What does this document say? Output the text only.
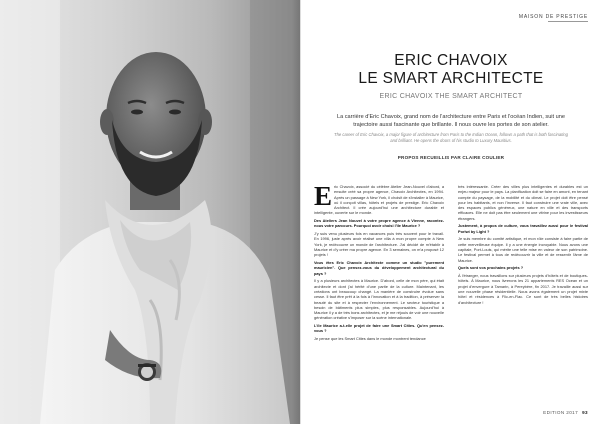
MAISON DE PRESTIGE
ERIC CHAVOIX
LE SMART ARCHITECTE
ERIC CHAVOIX THE SMART ARCHITECT

La carrière d'Eric Chavoix, grand nom de l'architecture entre Paris et l'océan Indien, suit une trajectoire aussi fascinante que brillante. Il nous ouvre les portes de son atelier.

The career of Eric Chavoix, a major figure of architecture from Paris to the Indian Ocean, follows a path that is both fascinating and brilliant. He opens the doors of his studio to Luxury Mauritius.

PROPOS RECUEILLIS PAR CLAIRE COULIER
E ric Chavoix, associé du célèbre Atelier Jean-Nouvel d'abord, a ensuite créé sa propre agence, Chavoix Architectes, en 1994. Après un passage à New York, il choisit de s'installer à Maurice, où il conçoit villas, hôtels et projets de prestige. Eric Chavoix Architect. Il crée aujourd'hui une architecture durable et intelligente, ouverte sur le monde.

Des Ateliers Jean Nouvel à votre propre agence à Vienne, racontez-nous votre parcours. Pourquoi avoir choisi l'île Maurice ?

J'y suis venu plusieurs fois en vacances puis très souvent pour le travail. En 1996, juste après avoir réalisé une villa à mon propre compte à New York, je redécouvre un monde de l'architecture. J'ai décidé de m'établir à Maurice et d'y créer ma propre agence. En 3 semaines, on m'a proposé 12 projets !

Vous êtes Eric Chavoix Architecte comme un studio "purement mauricien". Que pensez-vous du développement architectural du pays ?

Il y a plusieurs architectes à Maurice. D'abord, celle de mon père, qui était architecte et dont j'ai hérité d'une partie de la culture. Maintenant, les créations ont beaucoup changé. La manière de construire évolue sans cesse. Il faut être prêt à la fois à l'innovation et à la tradition, à préserver la beauté du site et à respecter l'environnement. Le secteur touristique a besoin de bâtiments plus simples, plus responsables. Aujourd'hui à Maurice il y a de très bons architectes, et je me réjouis de voir une nouvelle génération créative s'imposer sur la scène internationale.

L'île Maurice a-t-elle projet de faire une Smart Cities. Qu'en pensez-vous ?

Je pense que les Smart Cities dans le monde montrent tendance

très intéressante. Créer des villes plus intelligentes et durables est un enjeu majeur pour le pays. La planification doit se faire en amont, en tenant compte du paysage, de la mobilité et du climat. Le projet doit être pensé pour les habitants, et non l'inverse. Il faut construire une vraie ville, avec des espaces publics généreux, une nature en ville et des transports efficaces. Elle ne doit pas être seulement une vitrine pour les investisseurs étrangers.

Justement, à propos de culture, vous travaillez aussi pour le festival Porlwi by Light ?

Je suis membre du comité artistique, et mon rôle consiste à faire partie de cette merveilleuse équipe. Il y a une énergie incroyable. Nous avons une capitale, Port-Louis, qui mérite une telle mise en valeur de son patrimoine. Le festival permet à tous de redécouvrir la ville et de ressentir l'âme de Maurice.

Quels sont vos prochains projets ?

À l'étranger, nous travaillons sur plusieurs projets d'hôtels et de boutiques-hôtels. À Maurice, nous livrerons les 21 appartements RES Ocean et un projet d'envergure à Tamarin, à Pereybère, fin 2017. Je travaille aussi sur une nouvelle phase résidentielle. Nous avons également un projet mixte hôtel et résidences à Flic-en-Flac. Ce sont de très belles histoires d'architecture !

EDITION 2017 93
